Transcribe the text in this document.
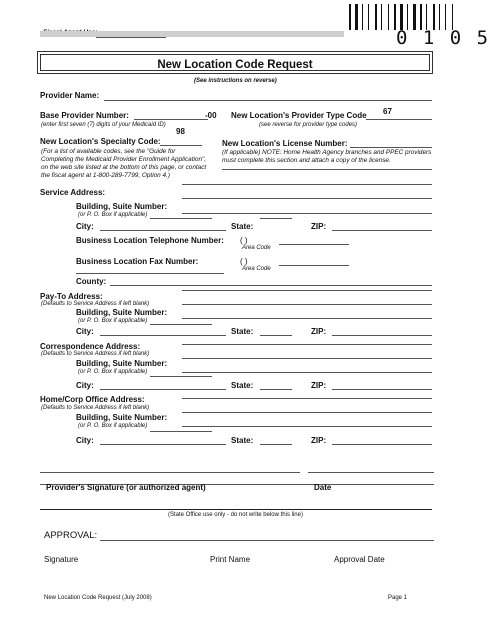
0 1 0 5
New Location Code Request
(See instructions on reverse)
Provider Name:
Base Provider Number:	-00
(enter first seven (7) digits of your Medicaid ID)
New Location's Provider Type Code 67
(see reverse for provider type codes)
98
New Location's Specialty Code:
(For a list of available codes, see the "Guide for Completing the Medicaid Provider Enrollment Application", on the web site listed at the bottom of this page, or contact the fiscal agent at 1-800-289-7799, Option 4.)
New Location's License Number:
(If applicable) NOTE: Home Health Agency branches and PPEC providers must complete this section and attach a copy of the license.
Service Address:
Building, Suite Number:
(or P. O. Box if applicable)
City:	State:	ZIP:
Business Location Telephone Number: ( )
Area Code
Business Location Fax Number:	( )
Area Code
County:
Pay-To Address:
(Defaults to Service Address if left blank)
Building, Suite Number:
(or P. O. Box if applicable)
City:	State:	ZIP:
Correspondence Address:
(Defaults to Service Address if left blank)
Building, Suite Number:
(or P. O. Box if applicable)
City:	State:	ZIP:
Home/Corp Office Address:
(Defaults to Service Address if left blank)
Building, Suite Number:
(or P. O. Box if applicable)
City:	State:	ZIP:
Provider's Signature (or authorized agent)	Date
(State Office use only - do not write below this line)
APPROVAL:
Signature	Print Name	Approval Date
New Location Code Request (July 2008)	Page 1
